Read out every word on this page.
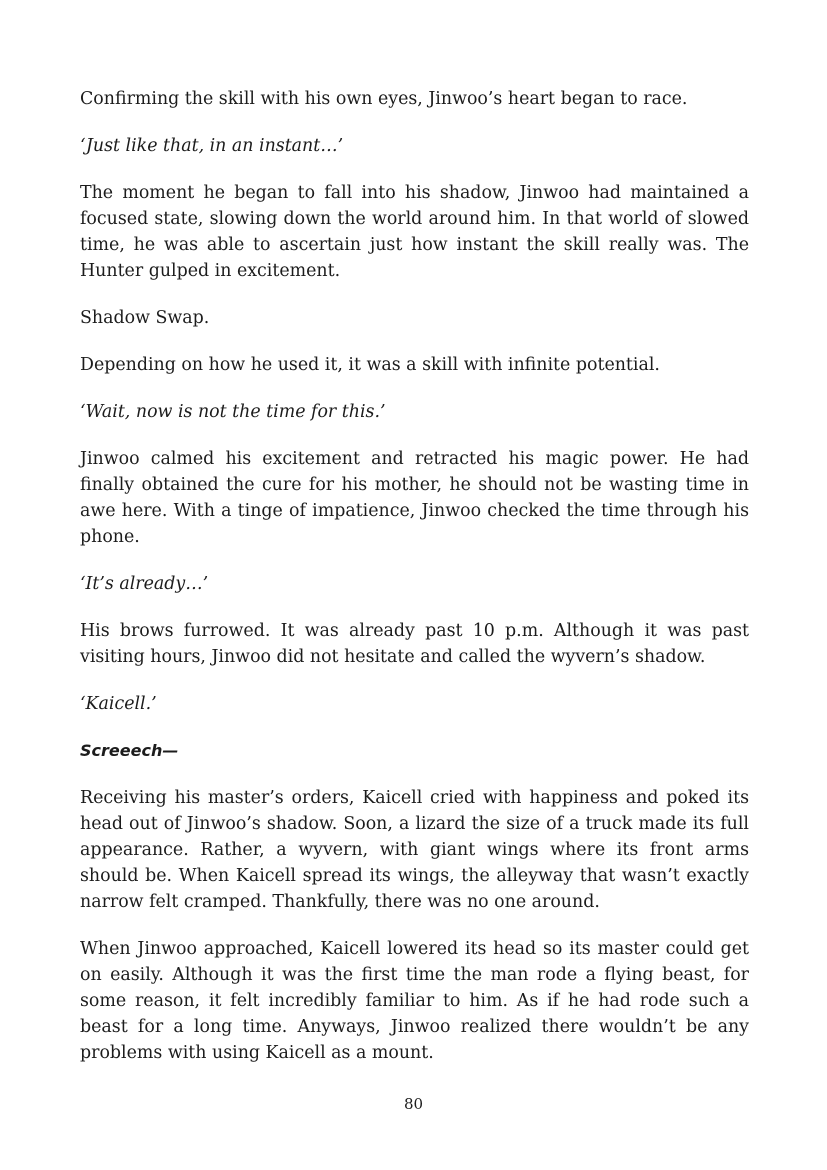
Confirming the skill with his own eyes, Jinwoo’s heart began to race.

‘Just like that, in an instant…’

The moment he began to fall into his shadow, Jinwoo had maintained a focused state, slowing down the world around him. In that world of slowed time, he was able to ascertain just how instant the skill really was. The Hunter gulped in excitement.

Shadow Swap.

Depending on how he used it, it was a skill with infinite potential.

‘Wait, now is not the time for this.’

Jinwoo calmed his excitement and retracted his magic power. He had finally obtained the cure for his mother, he should not be wasting time in awe here. With a tinge of impatience, Jinwoo checked the time through his phone.

‘It’s already…’

His brows furrowed. It was already past 10 p.m. Although it was past visiting hours, Jinwoo did not hesitate and called the wyvern’s shadow.

‘Kaicell.’

Screeech—

Receiving his master’s orders, Kaicell cried with happiness and poked its head out of Jinwoo’s shadow. Soon, a lizard the size of a truck made its full appearance. Rather, a wyvern, with giant wings where its front arms should be. When Kaicell spread its wings, the alleyway that wasn’t exactly narrow felt cramped. Thankfully, there was no one around.

When Jinwoo approached, Kaicell lowered its head so its master could get on easily. Although it was the first time the man rode a flying beast, for some reason, it felt incredibly familiar to him. As if he had rode such a beast for a long time. Anyways, Jinwoo realized there wouldn’t be any problems with using Kaicell as a mount.

80
